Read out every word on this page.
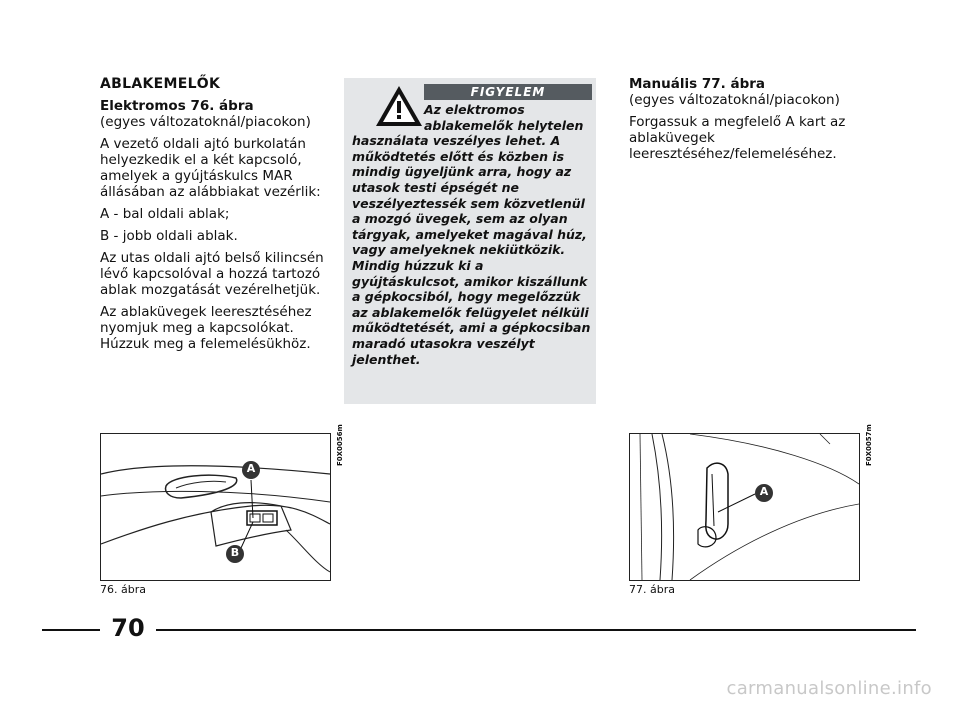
ABLAKEMELŐK

Elektromos 76. ábra
(egyes változatoknál/piacokon)

A vezető oldali ajtó burkolatán helyezkedik el a két kapcsoló, amelyek a gyújtáskulcs MAR állásában az alábbiakat vezérlik:

A - bal oldali ablak;

B - jobb oldali ablak.

Az utas oldali ajtó belső kilincsén lévő kapcsolóval a hozzá tartozó ablak mozgatását vezérelhetjük.

Az ablaküvegek leeresztéséhez nyomjuk meg a kapcsolókat. Húzzuk meg a felemelésükhöz.

FIGYELEM
Az elektromos
ablakemelők helytelen
használata veszélyes lehet. A működtetés előtt és közben is mindig ügyeljünk arra, hogy az utasok testi épségét ne veszélyeztessék sem közvetlenül a mozgó üvegek, sem az olyan tárgyak, amelyeket magával húz, vagy amelyeknek nekiütközik. Mindig húzzuk ki a gyújtáskulcsot, amikor kiszállunk a gépkocsiból, hogy megelőzzük az ablakemelők felügyelet nélküli működtetését, ami a gépkocsiban maradó utasokra veszélyt jelenthet.

Manuális 77. ábra
(egyes változatoknál/piacokon)

Forgassuk a megfelelő A kart az ablaküvegek leeresztéséhez/felemeléséhez.

A
B
F0X0056m
76. ábra
A
F0X0057m
77. ábra
70
carmanualsonline.info
